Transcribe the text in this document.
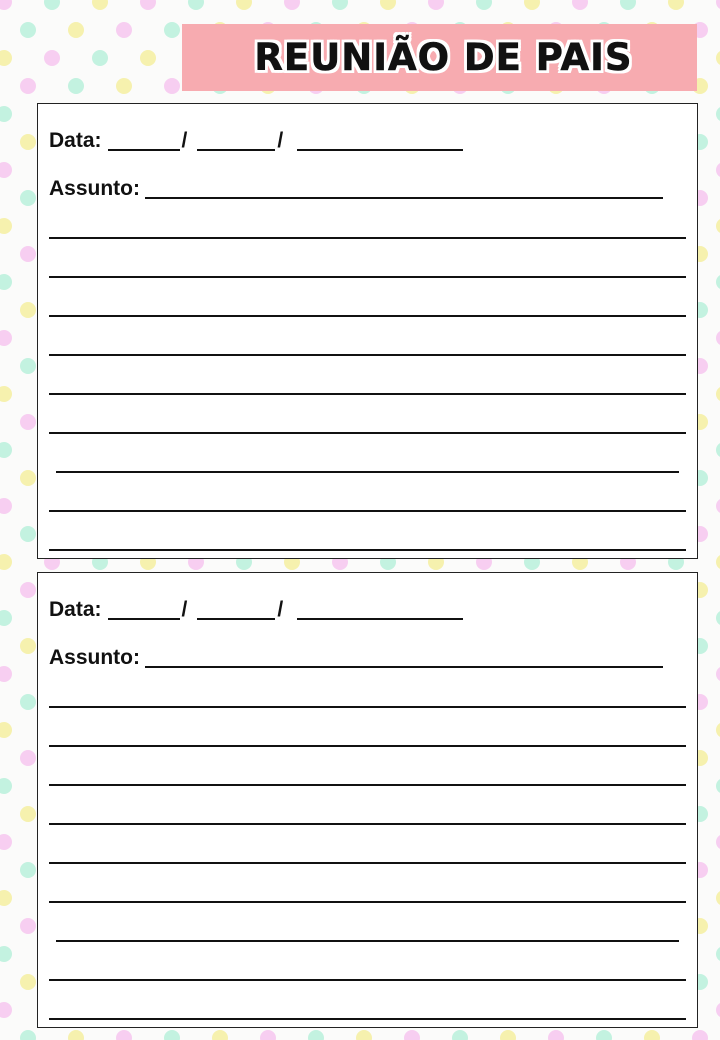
REUNIÃO DE PAIS
Data:	/	/
Assunto:
Data:	/	/
Assunto:
